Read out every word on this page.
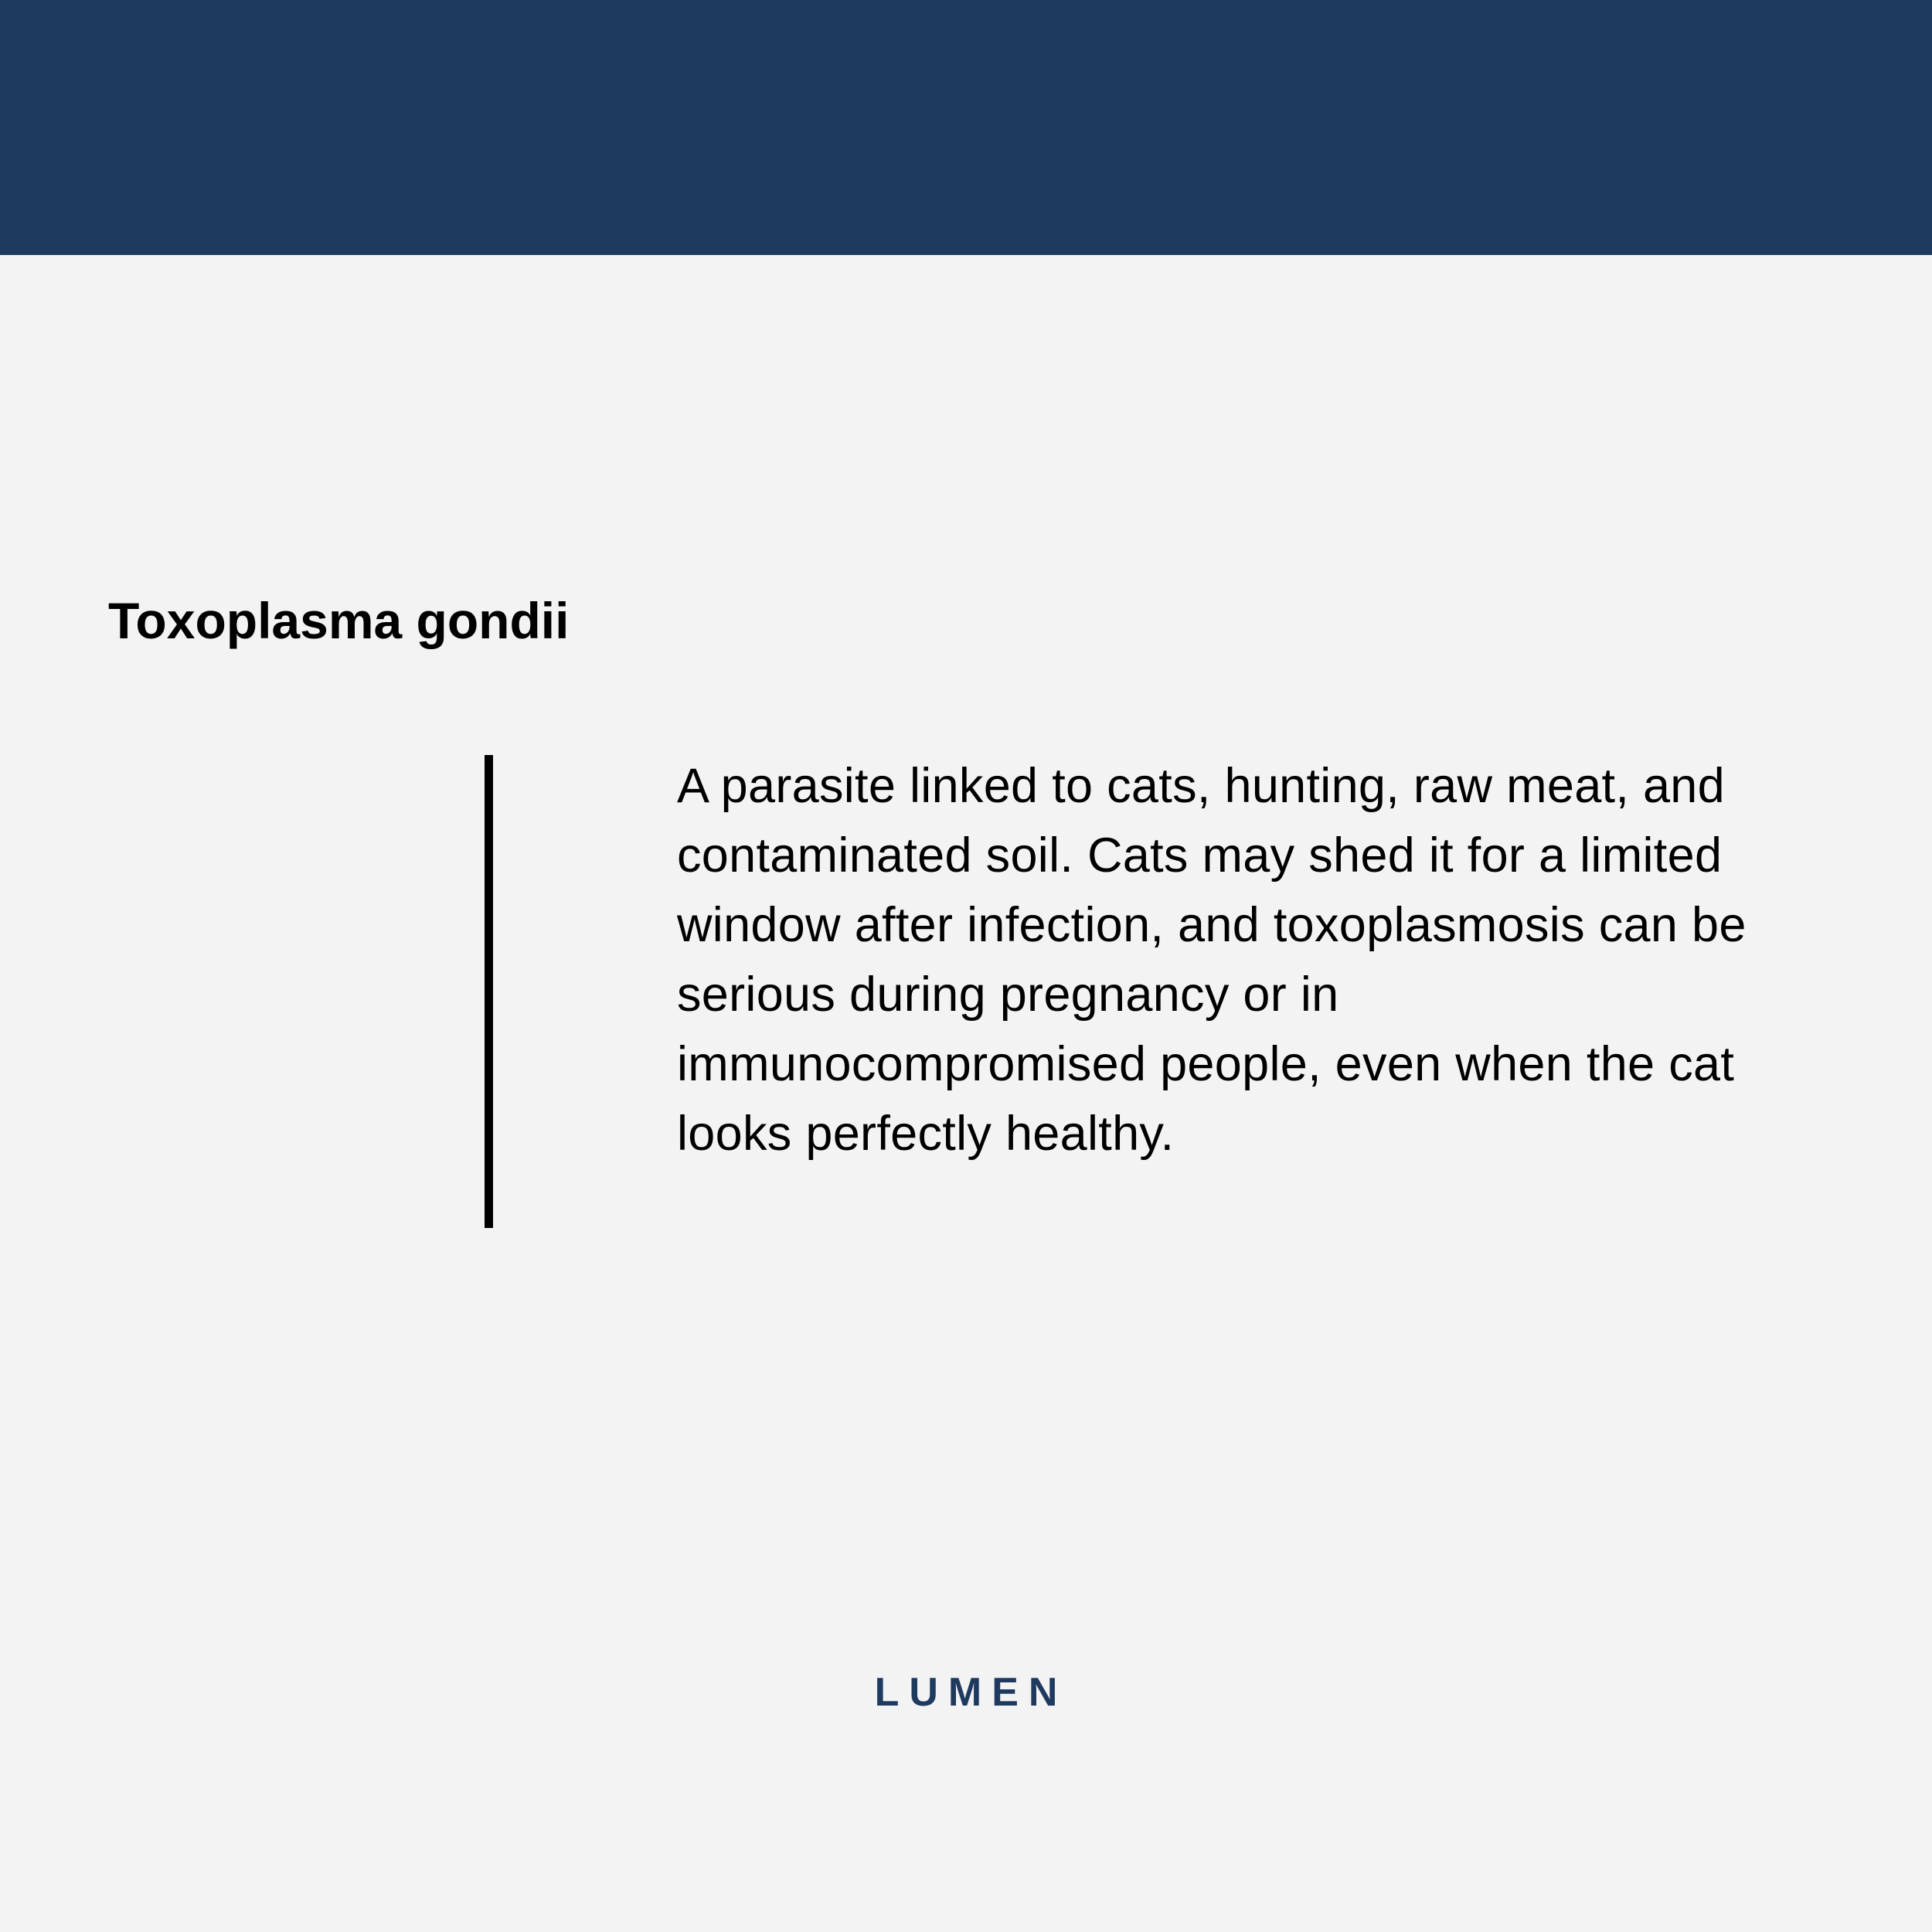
Toxoplasma gondii

A parasite linked to cats, hunting, raw meat, and contaminated soil. Cats may shed it for a limited window after infection, and toxoplasmosis can be serious during pregnancy or in immunocompromised people, even when the cat looks perfectly healthy.

LUMEN
